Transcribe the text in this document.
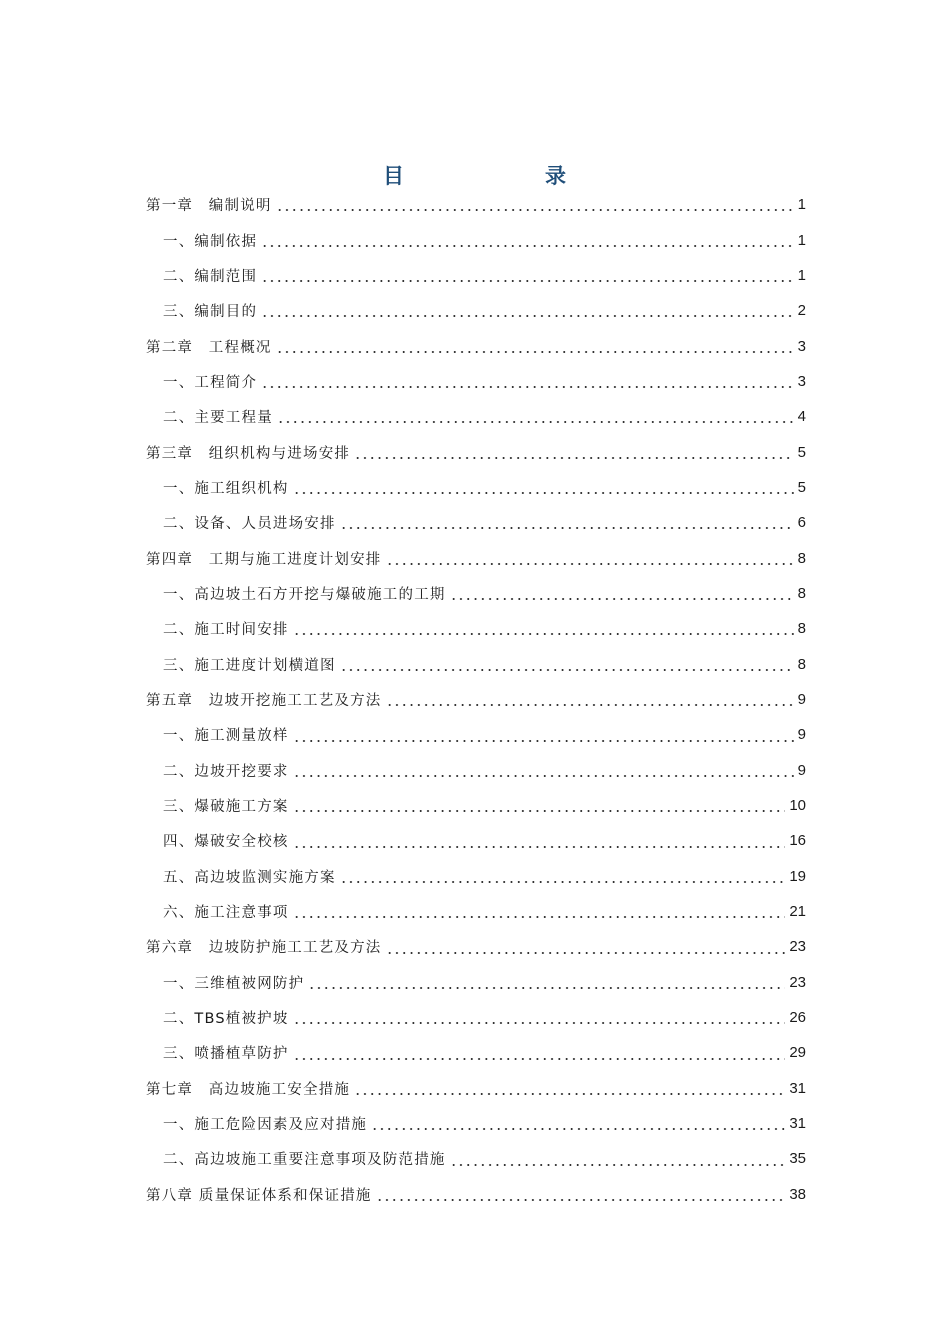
目	录
第一章　编制说明	1
一、编制依据	1
二、编制范围	1
三、编制目的	2
第二章　工程概况	3
一、工程简介	3
二、主要工程量	4
第三章　组织机构与进场安排	5
一、施工组织机构	5
二、设备、人员进场安排	6
第四章　工期与施工进度计划安排	8
一、高边坡土石方开挖与爆破施工的工期	8
二、施工时间安排	8
三、施工进度计划横道图	8
第五章　边坡开挖施工工艺及方法	9
一、施工测量放样	9
二、边坡开挖要求	9
三、爆破施工方案	10
四、爆破安全校核	16
五、高边坡监测实施方案	19
六、施工注意事项	21
第六章　边坡防护施工工艺及方法	23
一、三维植被网防护	23
二、TBS植被护坡	26
三、喷播植草防护	29
第七章　高边坡施工安全措施	31
一、施工危险因素及应对措施	31
二、高边坡施工重要注意事项及防范措施	35
第八章 质量保证体系和保证措施	38
